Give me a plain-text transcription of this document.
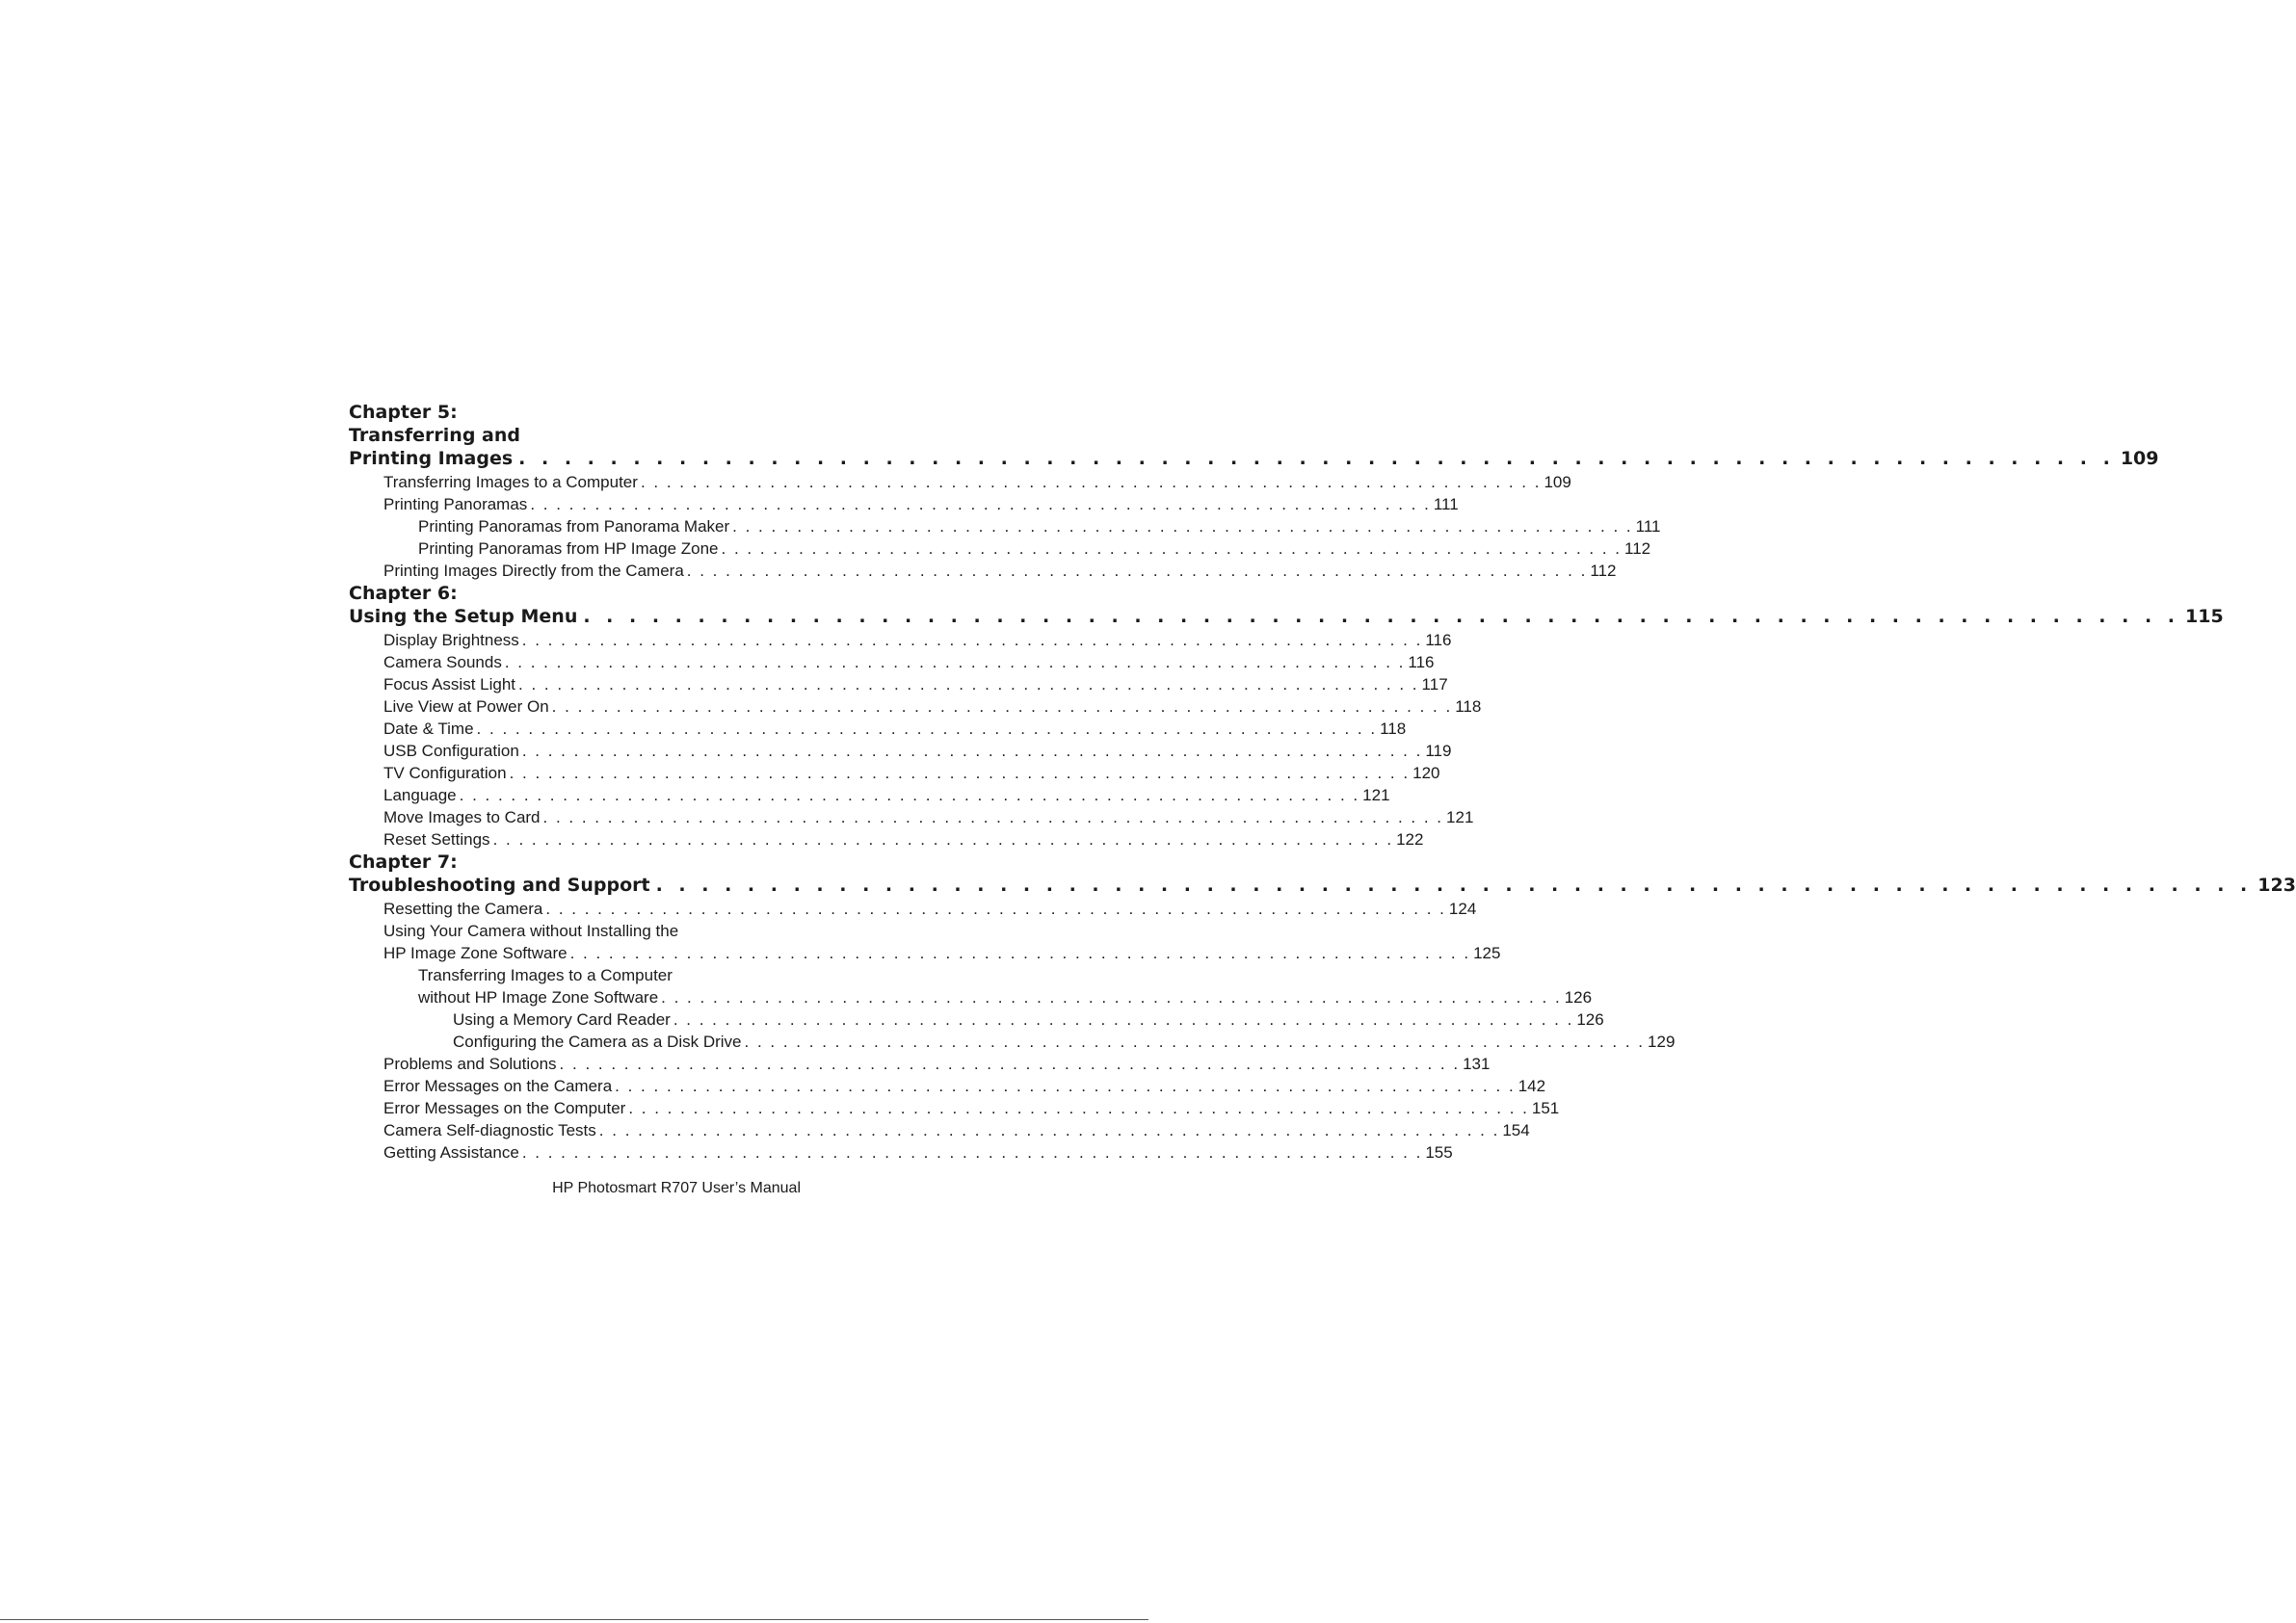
Chapter 5:
Transferring and
Printing Images . . . . . . . . . . . . . . . . . . . . . . . . . . . . . . . . . . . . . . . . . . . . . . . . . . . . . . . . . . . . . . . . . . . . . . 109
Transferring Images to a Computer . . . . . . . . . . . . . . . . . . . . . . . . . . . . . . . . . . . . . . . . . . . . . . . . . . . . . . . . . . . . . . . . . . . . . . 109
Printing Panoramas . . . . . . . . . . . . . . . . . . . . . . . . . . . . . . . . . . . . . . . . . . . . . . . . . . . . . . . . . . . . . . . . . . . . . . 111
Printing Panoramas from Panorama Maker . . . . . . . . . . . . . . . . . . . . . . . . . . . . . . . . . . . . . . . . . . . . . . . . . . . . . . . . . . . . . . . . . . . . . . 111
Printing Panoramas from HP Image Zone . . . . . . . . . . . . . . . . . . . . . . . . . . . . . . . . . . . . . . . . . . . . . . . . . . . . . . . . . . . . . . . . . . . . . . 112
Printing Images Directly from the Camera . . . . . . . . . . . . . . . . . . . . . . . . . . . . . . . . . . . . . . . . . . . . . . . . . . . . . . . . . . . . . . . . . . . . . . 112
Chapter 6:
Using the Setup Menu . . . . . . . . . . . . . . . . . . . . . . . . . . . . . . . . . . . . . . . . . . . . . . . . . . . . . . . . . . . . . . . . . . . . . . 115
Display Brightness . . . . . . . . . . . . . . . . . . . . . . . . . . . . . . . . . . . . . . . . . . . . . . . . . . . . . . . . . . . . . . . . . . . . . . 116
Camera Sounds . . . . . . . . . . . . . . . . . . . . . . . . . . . . . . . . . . . . . . . . . . . . . . . . . . . . . . . . . . . . . . . . . . . . . . 116
Focus Assist Light . . . . . . . . . . . . . . . . . . . . . . . . . . . . . . . . . . . . . . . . . . . . . . . . . . . . . . . . . . . . . . . . . . . . . . 117
Live View at Power On . . . . . . . . . . . . . . . . . . . . . . . . . . . . . . . . . . . . . . . . . . . . . . . . . . . . . . . . . . . . . . . . . . . . . . 118
Date & Time . . . . . . . . . . . . . . . . . . . . . . . . . . . . . . . . . . . . . . . . . . . . . . . . . . . . . . . . . . . . . . . . . . . . . . 118
USB Configuration . . . . . . . . . . . . . . . . . . . . . . . . . . . . . . . . . . . . . . . . . . . . . . . . . . . . . . . . . . . . . . . . . . . . . . 119
TV Configuration . . . . . . . . . . . . . . . . . . . . . . . . . . . . . . . . . . . . . . . . . . . . . . . . . . . . . . . . . . . . . . . . . . . . . . 120
Language . . . . . . . . . . . . . . . . . . . . . . . . . . . . . . . . . . . . . . . . . . . . . . . . . . . . . . . . . . . . . . . . . . . . . . 121
Move Images to Card . . . . . . . . . . . . . . . . . . . . . . . . . . . . . . . . . . . . . . . . . . . . . . . . . . . . . . . . . . . . . . . . . . . . . . 121
Reset Settings . . . . . . . . . . . . . . . . . . . . . . . . . . . . . . . . . . . . . . . . . . . . . . . . . . . . . . . . . . . . . . . . . . . . . . 122
Chapter 7:
Troubleshooting and Support . . . . . . . . . . . . . . . . . . . . . . . . . . . . . . . . . . . . . . . . . . . . . . . . . . . . . . . . . . . . . . . . . . . . . . 123
Resetting the Camera . . . . . . . . . . . . . . . . . . . . . . . . . . . . . . . . . . . . . . . . . . . . . . . . . . . . . . . . . . . . . . . . . . . . . . 124
Using Your Camera without Installing the
HP Image Zone Software . . . . . . . . . . . . . . . . . . . . . . . . . . . . . . . . . . . . . . . . . . . . . . . . . . . . . . . . . . . . . . . . . . . . . . 125
Transferring Images to a Computer
without HP Image Zone Software . . . . . . . . . . . . . . . . . . . . . . . . . . . . . . . . . . . . . . . . . . . . . . . . . . . . . . . . . . . . . . . . . . . . . . 126
Using a Memory Card Reader . . . . . . . . . . . . . . . . . . . . . . . . . . . . . . . . . . . . . . . . . . . . . . . . . . . . . . . . . . . . . . . . . . . . . . 126
Configuring the Camera as a Disk Drive . . . . . . . . . . . . . . . . . . . . . . . . . . . . . . . . . . . . . . . . . . . . . . . . . . . . . . . . . . . . . . . . . . . . . . 129
Problems and Solutions . . . . . . . . . . . . . . . . . . . . . . . . . . . . . . . . . . . . . . . . . . . . . . . . . . . . . . . . . . . . . . . . . . . . . . 131
Error Messages on the Camera . . . . . . . . . . . . . . . . . . . . . . . . . . . . . . . . . . . . . . . . . . . . . . . . . . . . . . . . . . . . . . . . . . . . . . 142
Error Messages on the Computer . . . . . . . . . . . . . . . . . . . . . . . . . . . . . . . . . . . . . . . . . . . . . . . . . . . . . . . . . . . . . . . . . . . . . . 151
Camera Self-diagnostic Tests . . . . . . . . . . . . . . . . . . . . . . . . . . . . . . . . . . . . . . . . . . . . . . . . . . . . . . . . . . . . . . . . . . . . . . 154
Getting Assistance . . . . . . . . . . . . . . . . . . . . . . . . . . . . . . . . . . . . . . . . . . . . . . . . . . . . . . . . . . . . . . . . . . . . . . 155
HP Photosmart R707 User’s Manual
